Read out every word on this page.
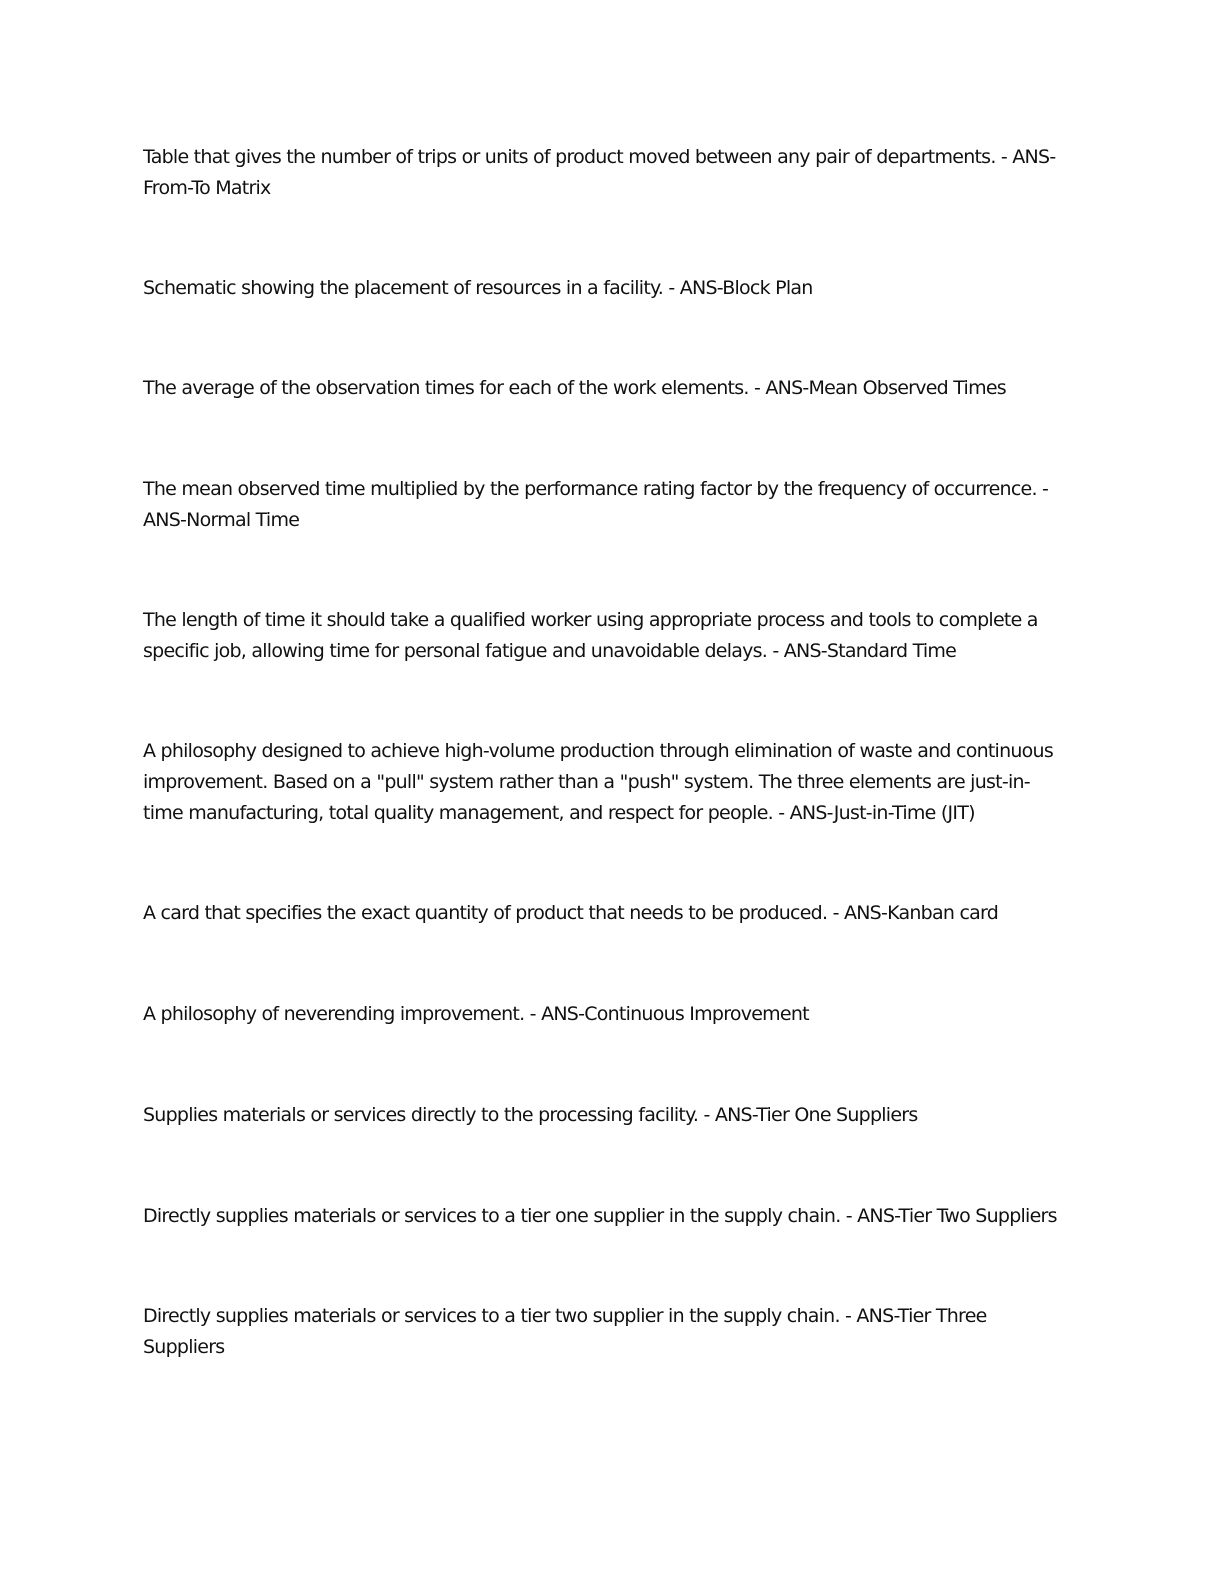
Table that gives the number of trips or units of product moved between any pair of departments. - ANS-
From-To Matrix

Schematic showing the placement of resources in a facility. - ANS-Block Plan

The average of the observation times for each of the work elements. - ANS-Mean Observed Times

The mean observed time multiplied by the performance rating factor by the frequency of occurrence. -
ANS-Normal Time

The length of time it should take a qualified worker using appropriate process and tools to complete a
specific job, allowing time for personal fatigue and unavoidable delays. - ANS-Standard Time

A philosophy designed to achieve high-volume production through elimination of waste and continuous
improvement. Based on a "pull" system rather than a "push" system. The three elements are just-in-
time manufacturing, total quality management, and respect for people. - ANS-Just-in-Time (JIT)

A card that specifies the exact quantity of product that needs to be produced. - ANS-Kanban card

A philosophy of neverending improvement. - ANS-Continuous Improvement

Supplies materials or services directly to the processing facility. - ANS-Tier One Suppliers

Directly supplies materials or services to a tier one supplier in the supply chain. - ANS-Tier Two Suppliers

Directly supplies materials or services to a tier two supplier in the supply chain. - ANS-Tier Three
Suppliers
